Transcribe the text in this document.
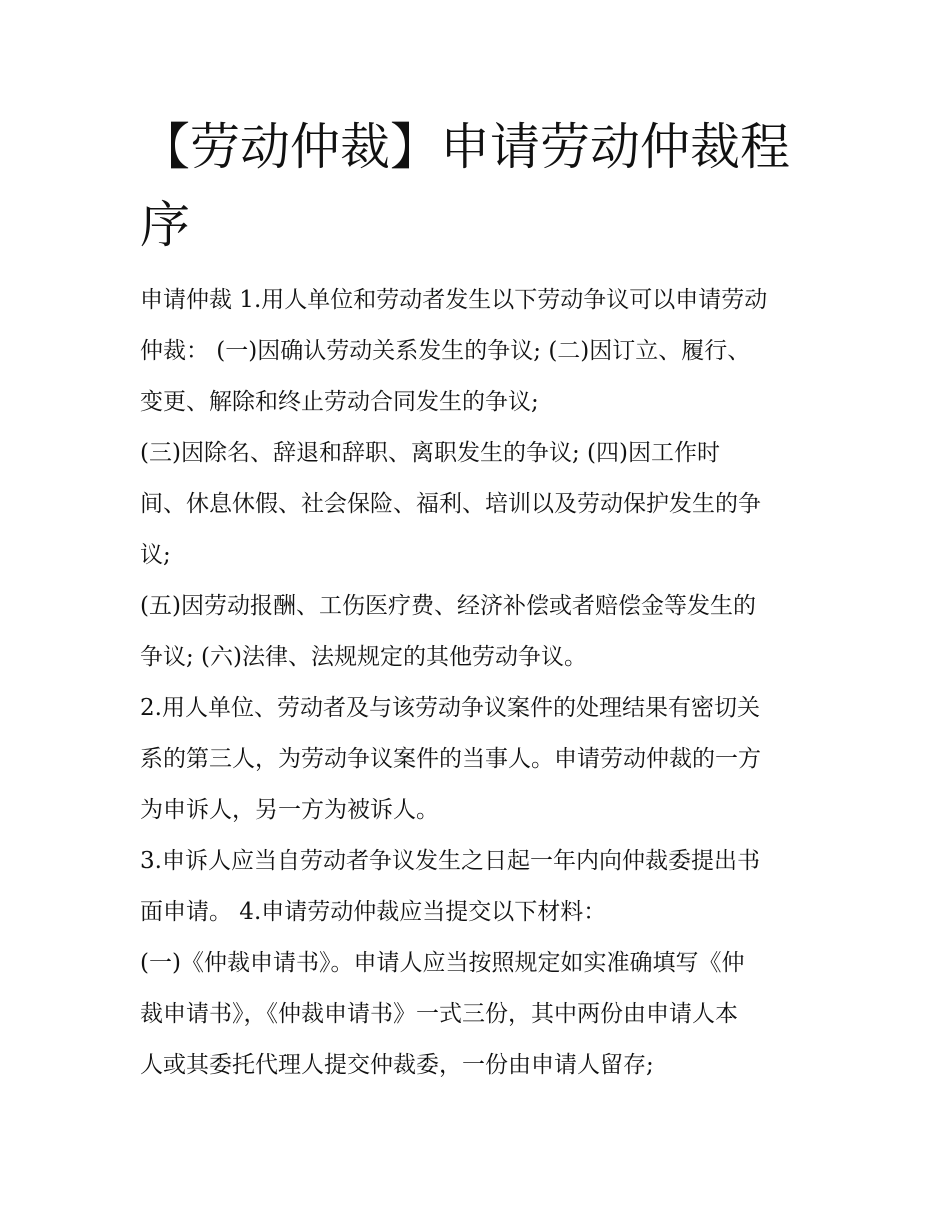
【劳动仲裁】申请劳动仲裁程
序
申请仲裁 1.用人单位和劳动者发生以下劳动争议可以申请劳动
仲裁： (一)因确认劳动关系发生的争议; (二)因订立、履行、
变更、解除和终止劳动合同发生的争议;
(三)因除名、辞退和辞职、离职发生的争议; (四)因工作时
间、休息休假、社会保险、福利、培训以及劳动保护发生的争
议;
(五)因劳动报酬、工伤医疗费、经济补偿或者赔偿金等发生的
争议; (六)法律、法规规定的其他劳动争议。
2.用人单位、劳动者及与该劳动争议案件的处理结果有密切关
系的第三人，为劳动争议案件的当事人。申请劳动仲裁的一方
为申诉人，另一方为被诉人。
3.申诉人应当自劳动者争议发生之日起一年内向仲裁委提出书
面申请。 4.申请劳动仲裁应当提交以下材料：
(一)《仲裁申请书》。申请人应当按照规定如实准确填写《仲
裁申请书》，《仲裁申请书》一式三份，其中两份由申请人本
人或其委托代理人提交仲裁委，一份由申请人留存;
